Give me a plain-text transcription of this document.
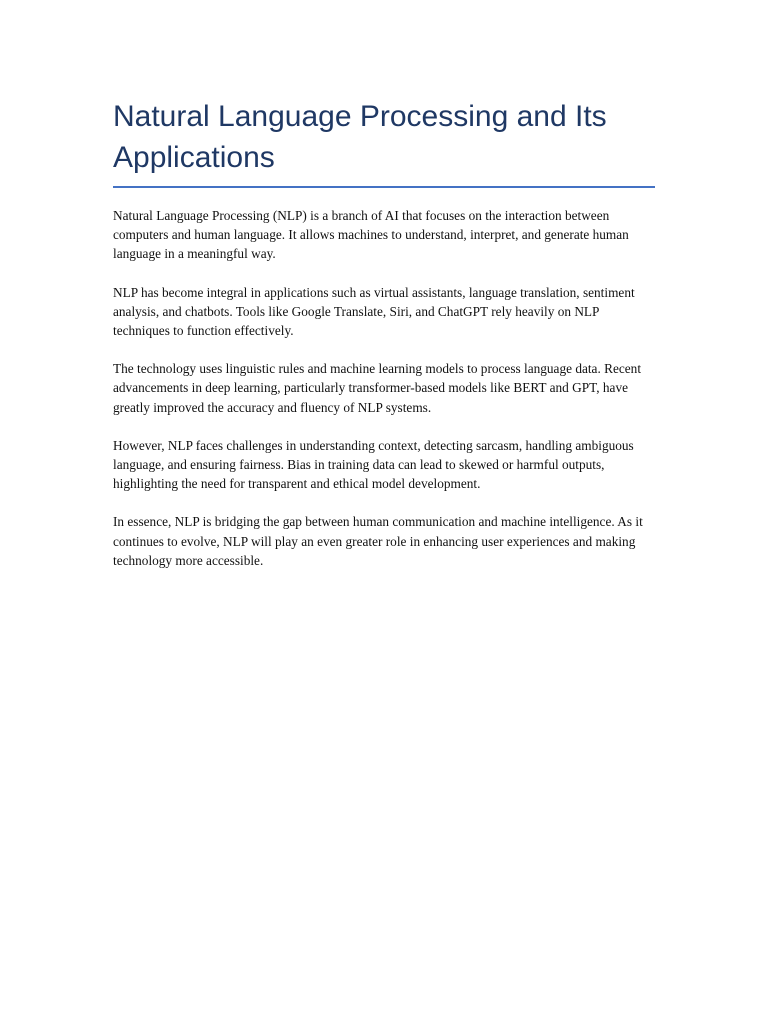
Natural Language Processing and Its Applications

Natural Language Processing (NLP) is a branch of AI that focuses on the interaction between computers and human language. It allows machines to understand, interpret, and generate human language in a meaningful way.

NLP has become integral in applications such as virtual assistants, language translation, sentiment analysis, and chatbots. Tools like Google Translate, Siri, and ChatGPT rely heavily on NLP techniques to function effectively.

The technology uses linguistic rules and machine learning models to process language data. Recent advancements in deep learning, particularly transformer-based models like BERT and GPT, have greatly improved the accuracy and fluency of NLP systems.

However, NLP faces challenges in understanding context, detecting sarcasm, handling ambiguous language, and ensuring fairness. Bias in training data can lead to skewed or harmful outputs, highlighting the need for transparent and ethical model development.

In essence, NLP is bridging the gap between human communication and machine intelligence. As it continues to evolve, NLP will play an even greater role in enhancing user experiences and making technology more accessible.
